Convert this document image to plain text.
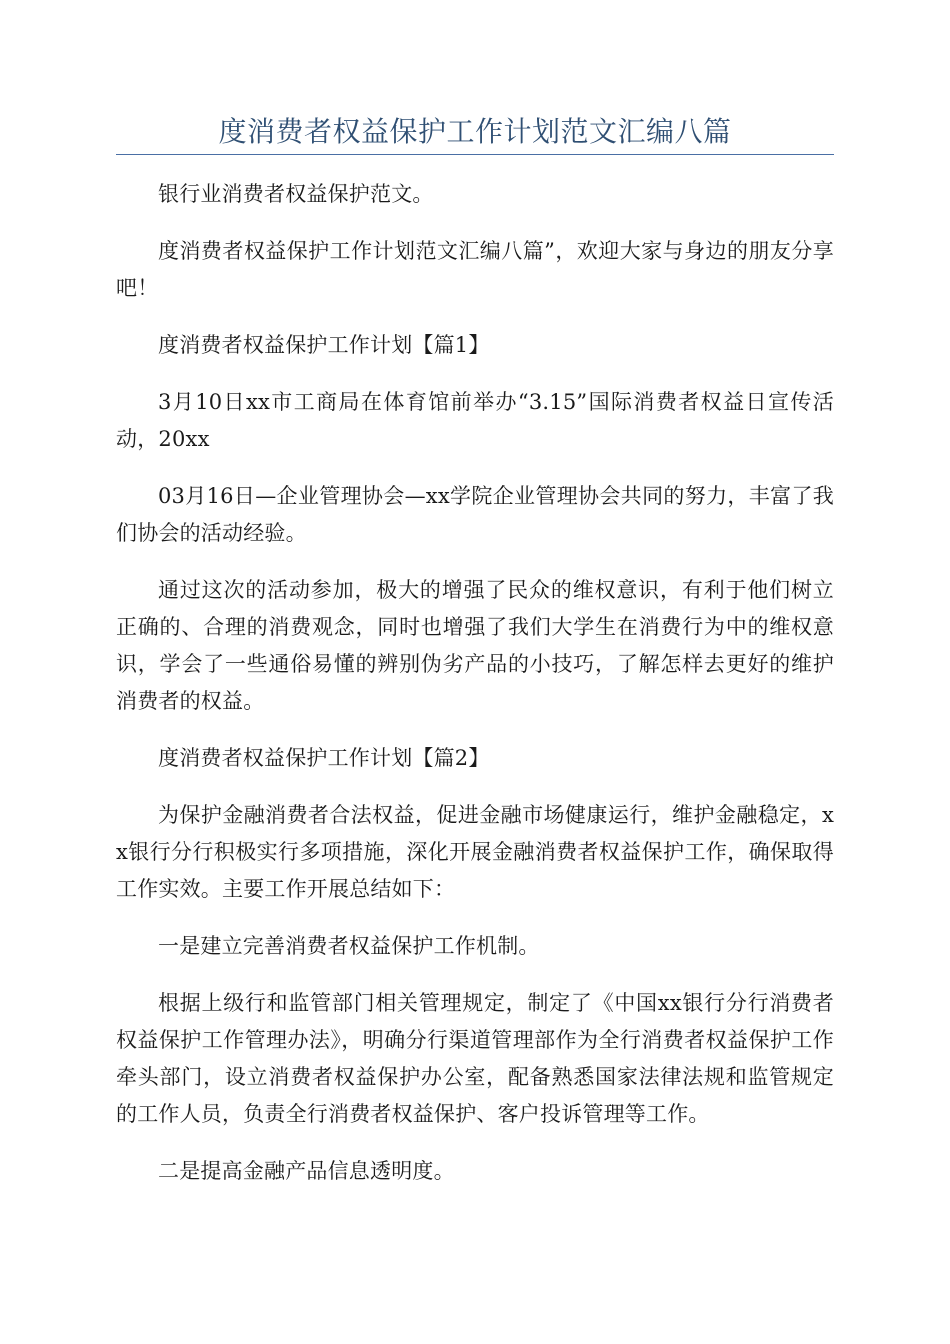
度消费者权益保护工作计划范文汇编八篇

银行业消费者权益保护范文。

度消费者权益保护工作计划范文汇编八篇”，欢迎大家与身边的朋友分享吧！

度消费者权益保护工作计划【篇1】

3月10日xx市工商局在体育馆前举办“3.15”国际消费者权益日宣传活动，20xx

03月16日—企业管理协会—xx学院企业管理协会共同的努力，丰富了我们协会的活动经验。

通过这次的活动参加，极大的增强了民众的维权意识，有利于他们树立正确的、合理的消费观念，同时也增强了我们大学生在消费行为中的维权意识，学会了一些通俗易懂的辨别伪劣产品的小技巧，了解怎样去更好的维护消费者的权益。

度消费者权益保护工作计划【篇2】

为保护金融消费者合法权益，促进金融市场健康运行，维护金融稳定，xx银行分行积极实行多项措施，深化开展金融消费者权益保护工作，确保取得工作实效。主要工作开展总结如下：

一是建立完善消费者权益保护工作机制。

根据上级行和监管部门相关管理规定，制定了《中国xx银行分行消费者权益保护工作管理办法》，明确分行渠道管理部作为全行消费者权益保护工作牵头部门，设立消费者权益保护办公室，配备熟悉国家法律法规和监管规定的工作人员，负责全行消费者权益保护、客户投诉管理等工作。

二是提高金融产品信息透明度。
